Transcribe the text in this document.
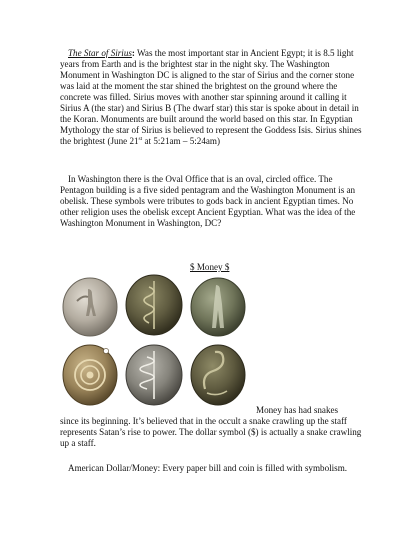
The Star of Sirius: Was the most important star in Ancient Egypt; it is 8.5 light years from Earth and is the brightest star in the night sky. The Washington Monument in Washington DC is aligned to the star of Sirius and the corner stone was laid at the moment the star shined the brightest on the ground where the concrete was filled. Sirius moves with another star spinning around it calling it Sirius A (the star) and Sirius B (The dwarf star) this star is spoke about in detail in the Koran. Monuments are built around the world based on this star. In Egyptian Mythology the star of Sirius is believed to represent the Goddess Isis. Sirius shines the brightest (June 21st at 5:21am – 5:24am)

In Washington there is the Oval Office that is an oval, circled office. The Pentagon building is a five sided pentagram and the Washington Monument is an obelisk. These symbols were tributes to gods back in ancient Egyptian times. No other religion uses the obelisk except Ancient Egyptian. What was the idea of the Washington Monument in Washington, DC?

$ Money $
Money has had snakes

since its beginning. It’s believed that in the occult a snake crawling up the staff represents Satan’s rise to power. The dollar symbol ($) is actually a snake crawling up a staff.

American Dollar/Money: Every paper bill and coin is filled with symbolism.
